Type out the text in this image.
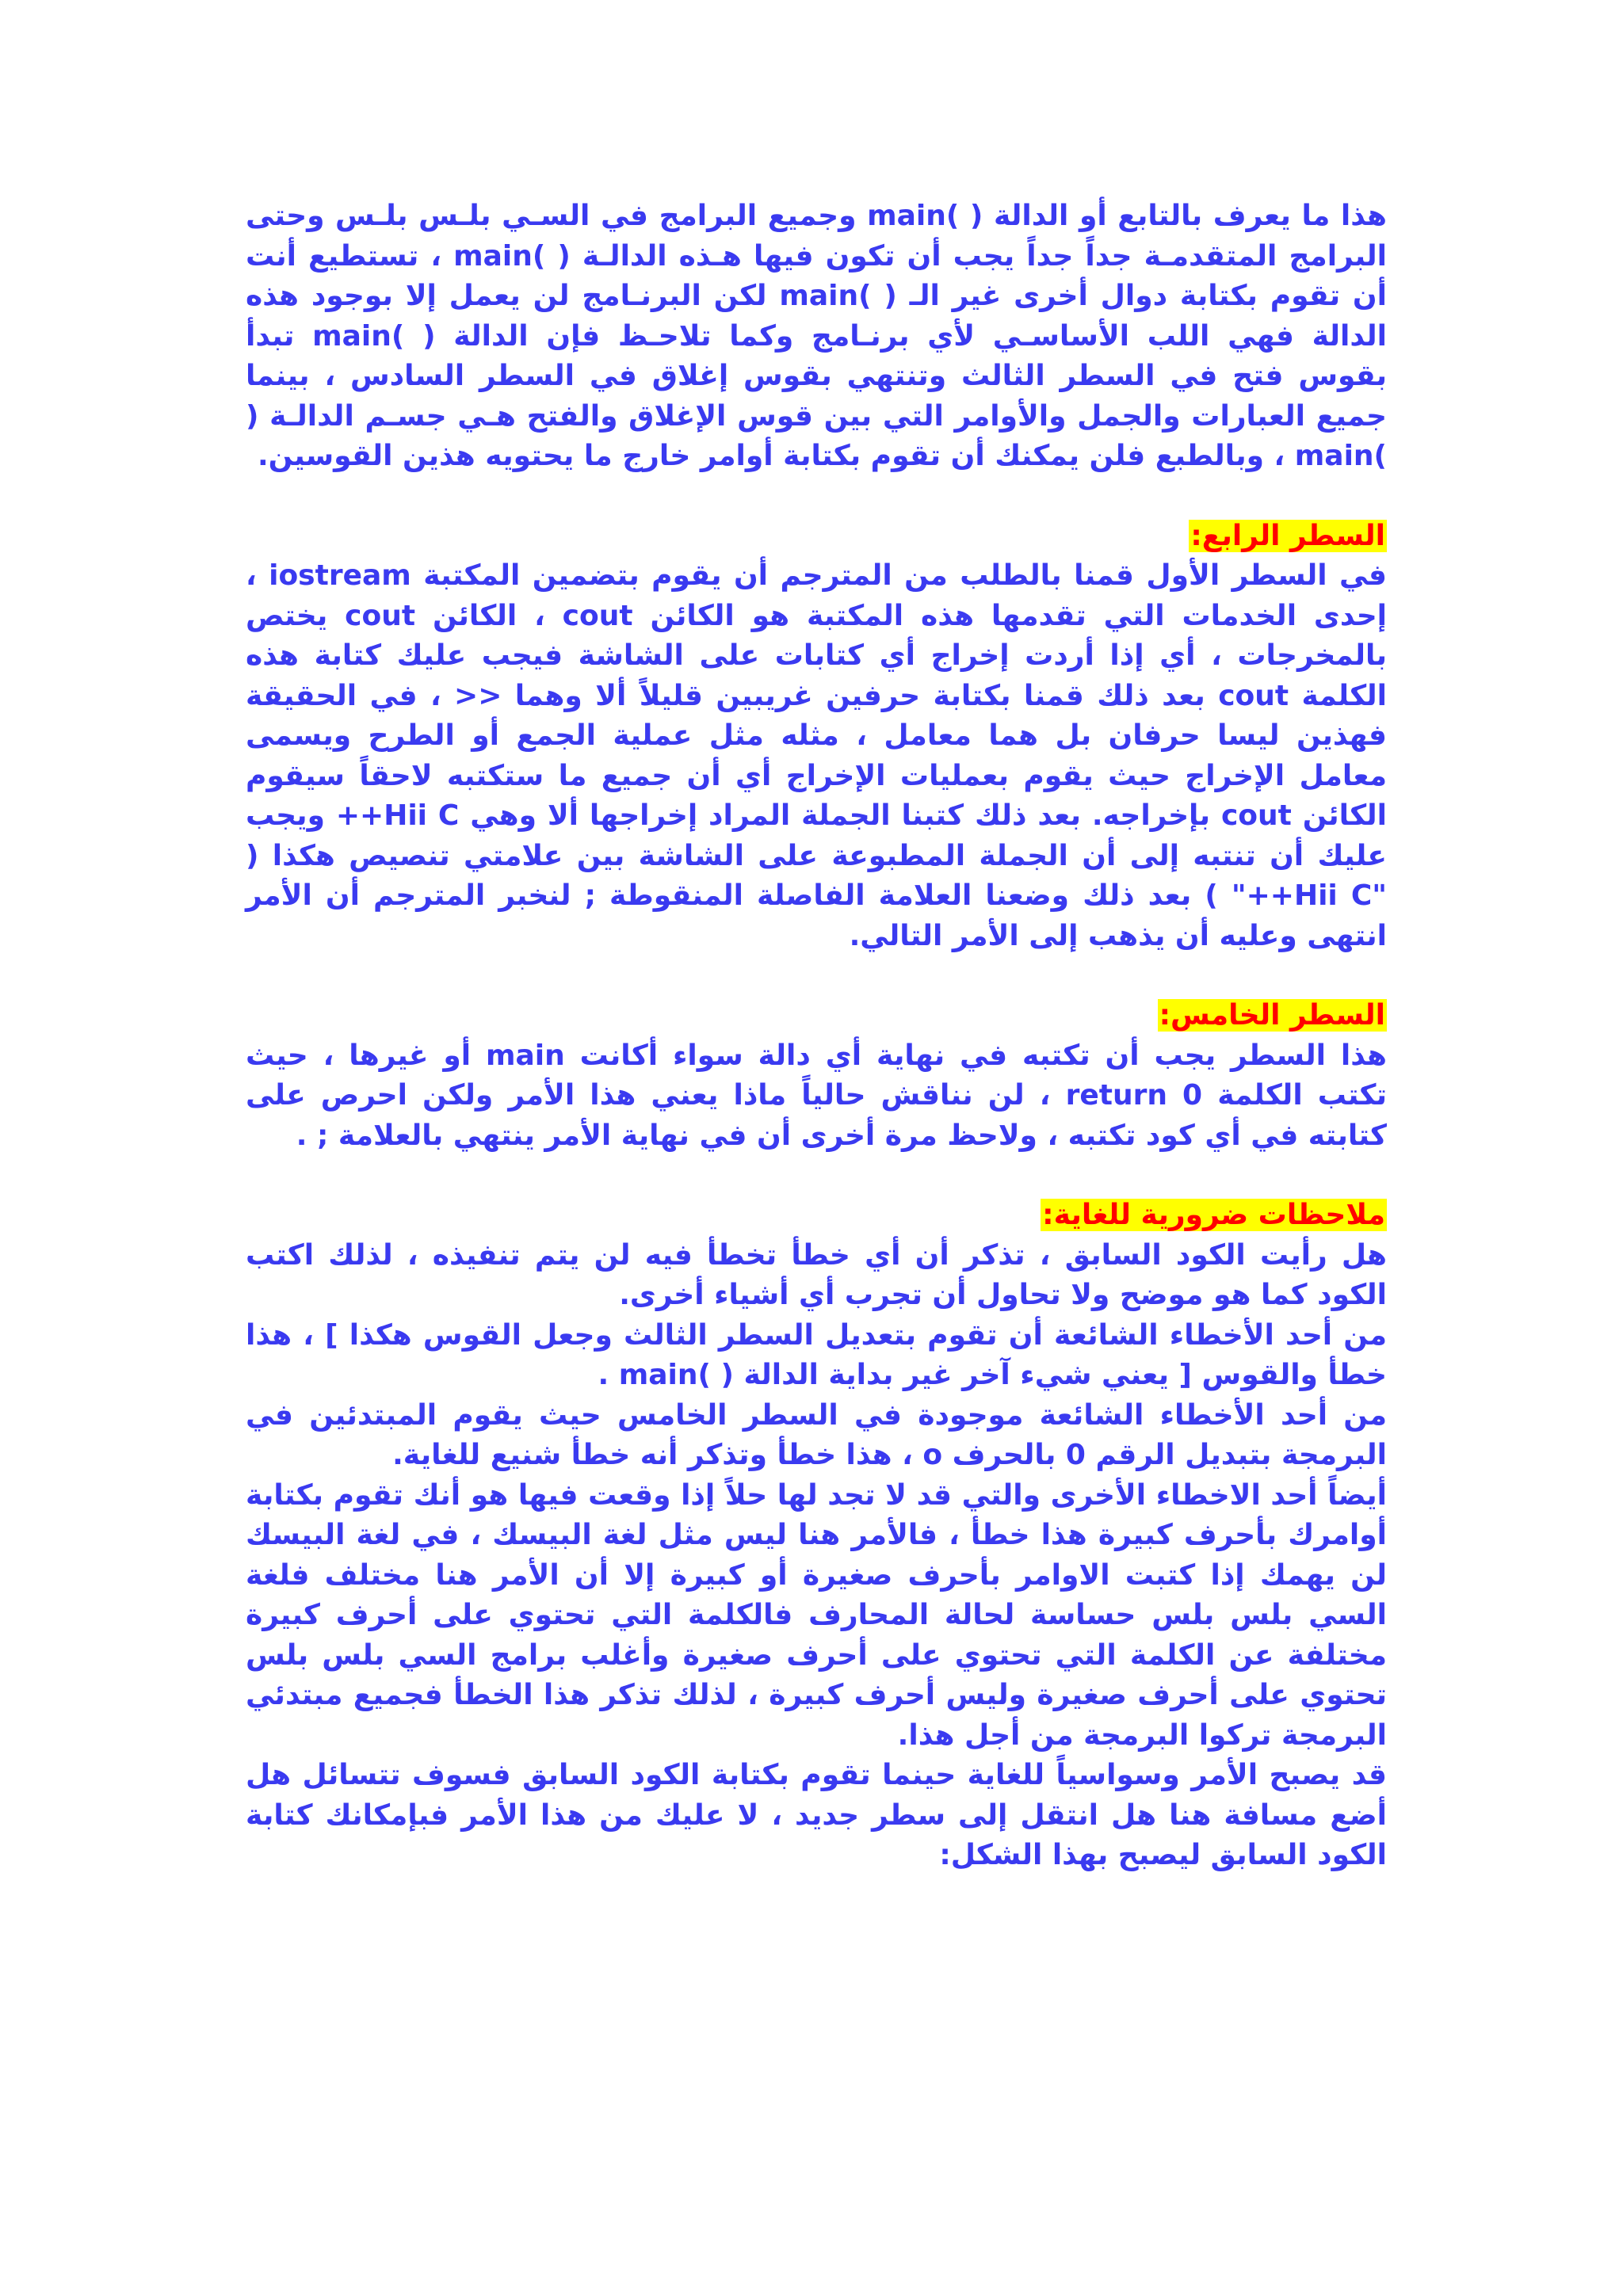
هذا ما يعرف بالتابع أو الدالة ( )main وجميع البرامج في السـي بلـس بلـس وحتى البرامج المتقدمـة جداً جداً يجب أن تكون فيها هـذه الدالـة ( )main ، تستطيع أنت أن تقوم بكتابة دوال أخرى غير الـ ( )main لكن البرنـامج لن يعمل إلا بوجود هذه الدالة فهي اللب الأساسـي لأي برنـامج وكما تلاحـظ فإن الدالة ( )main تبدأ بقوس فتح في السطر الثالث وتنتهي بقوس إغلاق في السطر السادس ، بينما جميع العبارات والجمل والأوامر التي بين قوس الإغلاق والفتح هـي جسـم الدالـة ( )main ، وبالطبع فلن يمكنك أن تقوم بكتابة أوامر خارج ما يحتويه هذين القوسين.

السطر الرابع:

في السطر الأول قمنا بالطلب من المترجم أن يقوم بتضمين المكتبة iostream ، إحدى الخدمات التي تقدمها هذه المكتبة هو الكائن cout ، الكائن cout يختص بالمخرجات ، أي إذا أردت إخراج أي كتابات على الشاشة فيجب عليك كتابة هذه الكلمة cout بعد ذلك قمنا بكتابة حرفين غريبين قليلاً ألا وهما << ، في الحقيقة فهذين ليسا حرفان بل هما معامل ، مثله مثل عملية الجمع أو الطرح ويسمى معامل الإخراج حيث يقوم بعمليات الإخراج أي أن جميع ما ستكتبه لاحقاً سيقوم الكائن cout بإخراجه. بعد ذلك كتبنا الجملة المراد إخراجها ألا وهي Hii C++ ويجب عليك أن تنتبه إلى أن الجملة المطبوعة على الشاشة بين علامتي تنصيص هكذا ( "Hii C++" ) بعد ذلك وضعنا العلامة الفاصلة المنقوطة ; لنخبر المترجم أن الأمر انتهى وعليه أن يذهب إلى الأمر التالي.

السطر الخامس:

هذا السطر يجب أن تكتبه في نهاية أي دالة سواء أكانت main أو غيرها ، حيث تكتب الكلمة return 0 ، لن نناقش حالياً ماذا يعني هذا الأمر ولكن احرص على كتابته في أي كود تكتبه ، ولاحظ مرة أخرى أن في نهاية الأمر ينتهي بالعلامة ; .

ملاحظات ضرورية للغاية:

هل رأيت الكود السابق ، تذكر أن أي خطأ تخطأ فيه لن يتم تنفيذه ، لذلك اكتب الكود كما هو موضح ولا تحاول أن تجرب أي أشياء أخرى.

من أحد الأخطاء الشائعة أن تقوم بتعديل السطر الثالث وجعل القوس هكذا ] ، هذا خطأ والقوس [ يعني شيء آخر غير بداية الدالة ( )main .

من أحد الأخطاء الشائعة موجودة في السطر الخامس حيث يقوم المبتدئين في البرمجة بتبديل الرقم 0 بالحرف o ، هذا خطأ وتذكر أنه خطأ شنيع للغاية.

أيضاً أحد الاخطاء الأخرى والتي قد لا تجد لها حلاً إذا وقعت فيها هو أنك تقوم بكتابة أوامرك بأحرف كبيرة هذا خطأ ، فالأمر هنا ليس مثل لغة البيسك ، في لغة البيسك لن يهمك إذا كتبت الاوامر بأحرف صغيرة أو كبيرة إلا أن الأمر هنا مختلف فلغة السي بلس بلس حساسة لحالة المحارف فالكلمة التي تحتوي على أحرف كبيرة مختلفة عن الكلمة التي تحتوي على أحرف صغيرة وأغلب برامج السي بلس بلس تحتوي على أحرف صغيرة وليس أحرف كبيرة ، لذلك تذكر هذا الخطأ فجميع مبتدئي البرمجة تركوا البرمجة من أجل هذا.

قد يصبح الأمر وسواسياً للغاية حينما تقوم بكتابة الكود السابق فسوف تتسائل هل أضع مسافة هنا هل انتقل إلى سطر جديد ، لا عليك من هذا الأمر فبإمكانك كتابة الكود السابق ليصبح بهذا الشكل:
